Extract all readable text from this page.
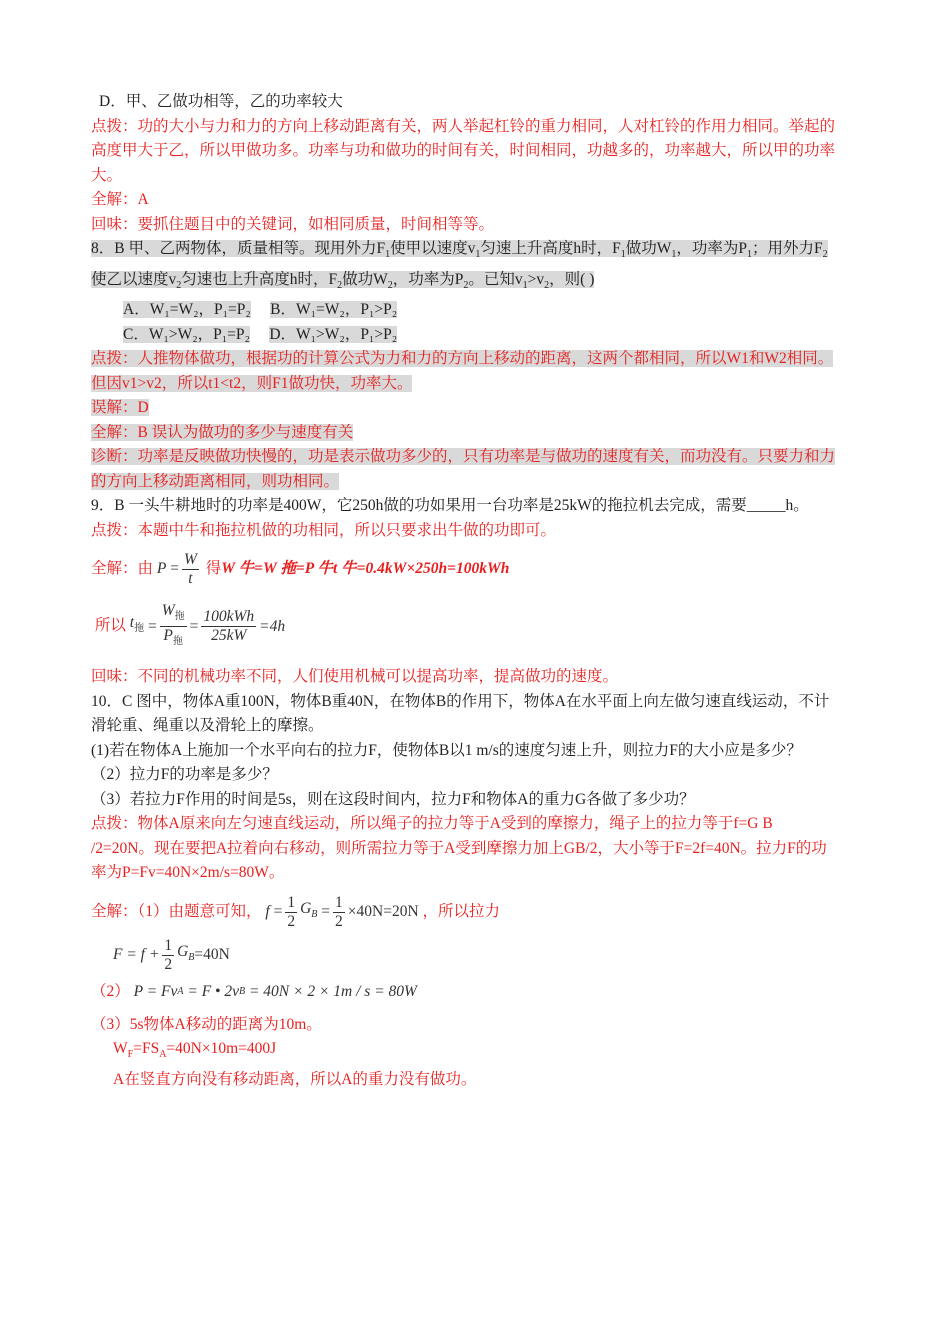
D．甲、乙做功相等，乙的功率较大

点拨：功的大小与力和力的方向上移动距离有关，两人举起杠铃的重力相同，人对杠铃的作用力相同。举起的高度甲大于乙，所以甲做功多。功率与功和做功的时间有关，时间相同，功越多的，功率越大，所以甲的功率大。

全解：A

回味：要抓住题目中的关键词，如相同质量，时间相等等。

8．B 甲、乙两物体，质量相等。现用外力$F_1$使甲以速度$v_1$匀速上升高度h时，$F_1$做功$W_1$，功率为$P_1$；用外力$F_2$使乙以速度$v_2$匀速也上升高度h时，$F_2$做功$W_2$，功率为$P_2$。已知$v_1>v_2$，则( )

A．W₁=W₂，P₁=P₂ B．W₁=W₂，P₁>P₂

C．W₁>W₂，P₁=P₂ D．W₁>W₂，P₁>P₂

点拨：人推物体做功，根据功的计算公式为力和力的方向上移动的距离，这两个都相同，所以W1和W2相同。但因v1>v2，所以t1<t2，则F1做功快，功率大。

误解：D

全解：B 误认为做功的多少与速度有关

诊断：功率是反映做功快慢的，功是表示做功多少的，只有功率是与做功的速度有关，而功没有。只要力和力的方向上移动距离相同，则功相同。

9．B 一头牛耕地时的功率是400W，它250h做的功如果用一台功率是25kW的拖拉机去完成，需要_____h。

点拨：本题中牛和拖拉机做的功相同，所以只要求出牛做的功即可。

全解：由 P
= $\frac{W}{t}$ 得W 牛=W 拖=P 牛t 牛=0.4kW×250h=100kWh

所以 $t_拖$
= $\frac{W_拖}{P_拖} = \frac{\text{100kWh}}{25kW} =4h$

回味：不同的机械功率不同，人们使用机械可以提高功率，提高做功的速度。

10．C 图中，物体A重100N，物体B重40N，在物体B的作用下，物体A在水平面上向左做匀速直线运动，不计滑轮重、绳重以及滑轮上的摩擦。

(1)若在物体A上施加一个水平向右的拉力F，使物体B以1 m/s的速度匀速上升，则拉力F的大小应是多少？

（2）拉力F的功率是多少？

（3）若拉力F作用的时间是5s，则在这段时间内，拉力F和物体A的重力G各做了多少功？

点拨：物体A原来向左匀速直线运动，所以绳子的拉力等于A受到的摩擦力，绳子上的拉力等于f=G B /2=20N。现在要把A拉着向右移动，则所需拉力等于A受到摩擦力加上GB/2，大小等于F=2f=40N。拉力F的功率为P=Fv=40N×2m/s=80W。

全解：（1）由题意可知， f
= $\frac{1}{2} G_B$
= $\frac{1}{2} \times 40N =20N$ ，所以拉力

$F = f + \frac{1}{2} G_B =40N$

（2） P = Fv A
= F • 2v B
= 40N × 2 × 1m / s = 80W

（3）5s物体A移动的距离为10m。

$W_F=FS_A=40N\times 10m=400J$

A在竖直方向没有移动距离，所以A的重力没有做功。
